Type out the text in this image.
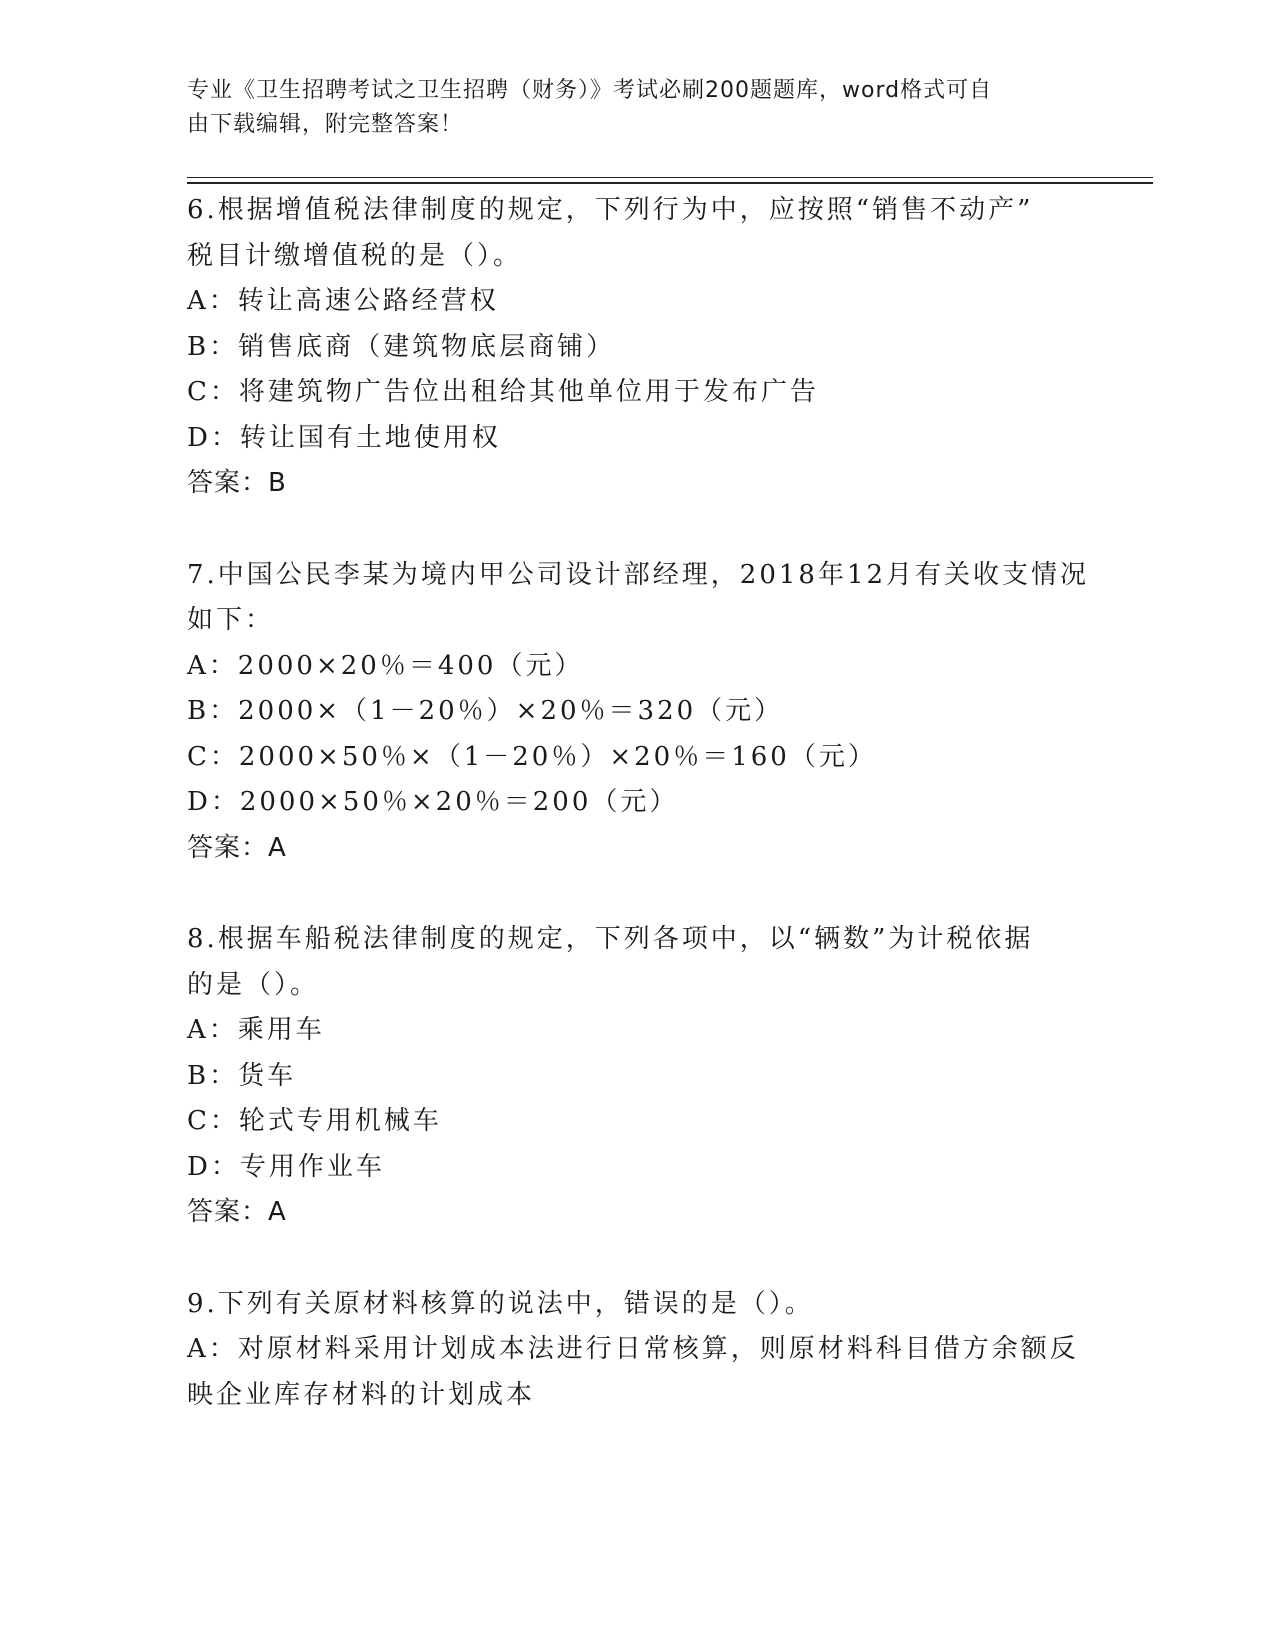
专业《卫生招聘考试之卫生招聘（财务）》考试必刷200题题库，word格式可自
由下载编辑，附完整答案！
6.根据增值税法律制度的规定，下列行为中，应按照“销售不动产”
税目计缴增值税的是（）。
A：转让高速公路经营权
B：销售底商（建筑物底层商铺）
C：将建筑物广告位出租给其他单位用于发布广告
D：转让国有土地使用权
答案：B
7.中国公民李某为境内甲公司设计部经理，2018年12月有关收支情况
如下：
A：2000×20％＝400（元）
B：2000×（1－20％）×20％＝320（元）
C：2000×50％×（1－20％）×20％＝160（元）
D：2000×50％×20％＝200（元）
答案：A
8.根据车船税法律制度的规定，下列各项中，以“辆数”为计税依据
的是（）。
A：乘用车
B：货车
C：轮式专用机械车
D：专用作业车
答案：A
9.下列有关原材料核算的说法中，错误的是（）。
A：对原材料采用计划成本法进行日常核算，则原材料科目借方余额反
映企业库存材料的计划成本
